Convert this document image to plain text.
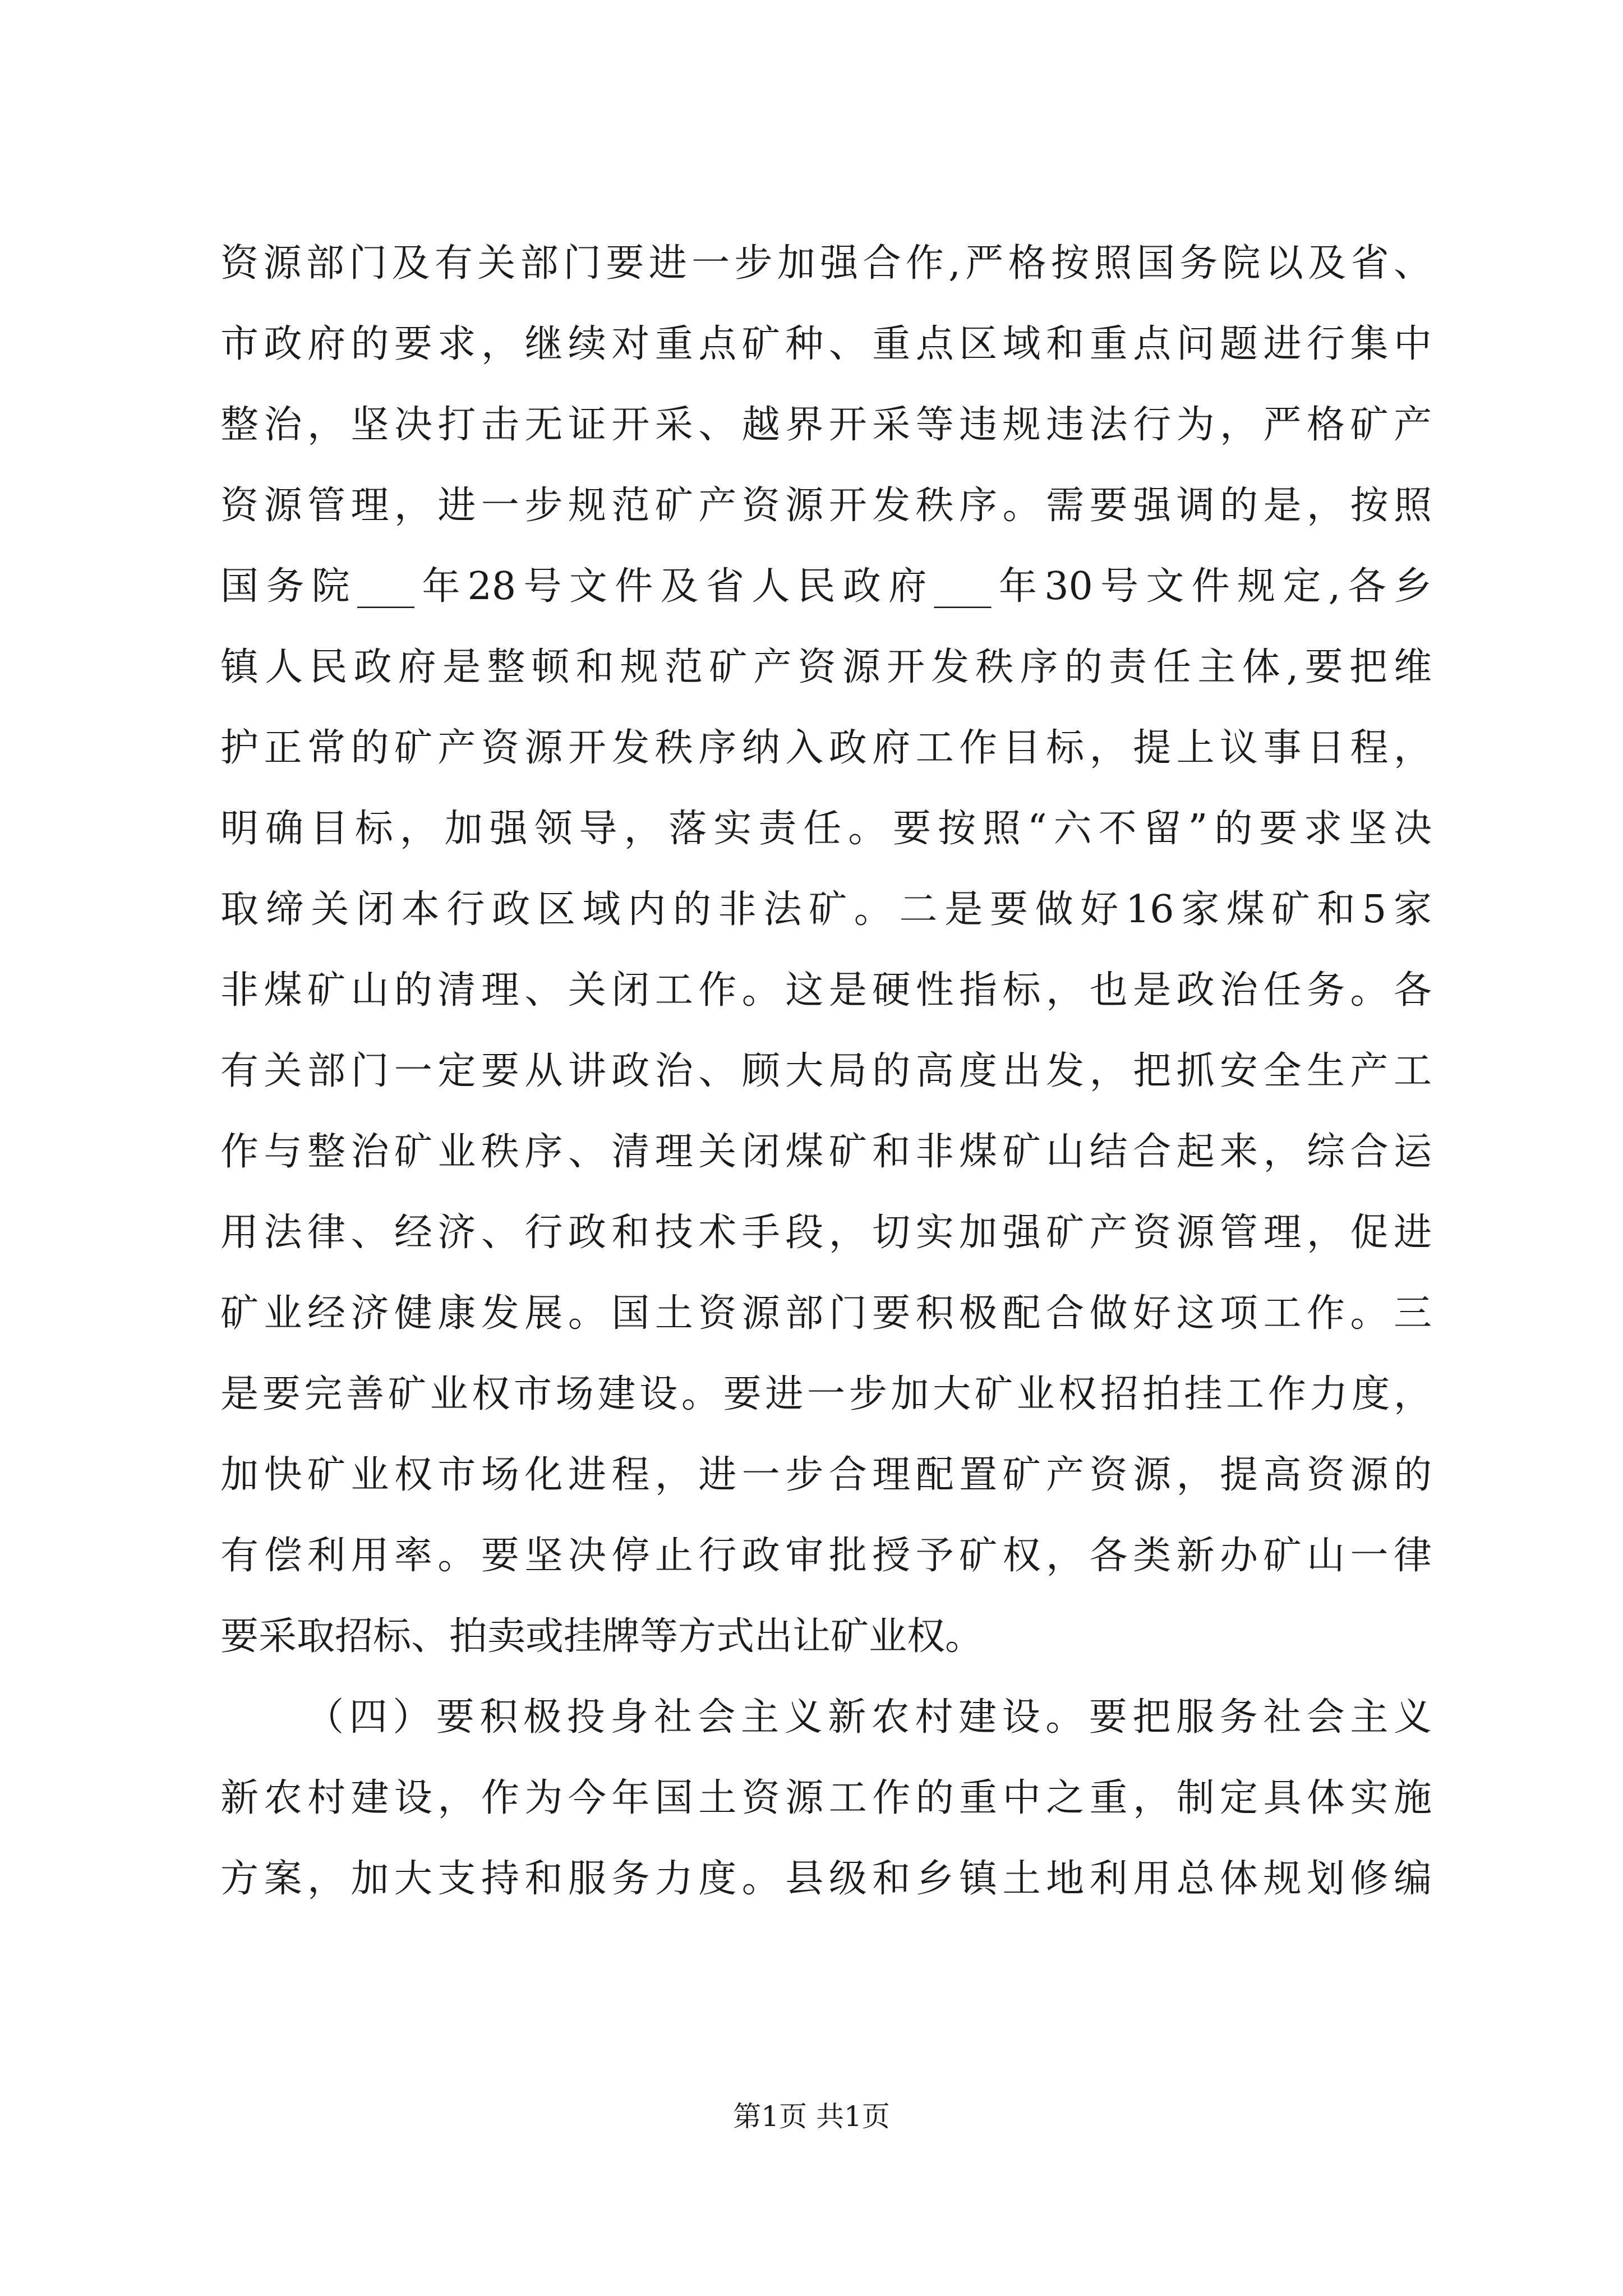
资源部门及有关部门要进一步加强合作,严格按照国务院以及省、
市政府的要求，继续对重点矿种、重点区域和重点问题进行集中
整治，坚决打击无证开采、越界开采等违规违法行为，严格矿产
资源管理，进一步规范矿产资源开发秩序。需要强调的是，按照
国务院___年28号文件及省人民政府___年30号文件规定,各乡
镇人民政府是整顿和规范矿产资源开发秩序的责任主体,要把维
护正常的矿产资源开发秩序纳入政府工作目标，提上议事日程，
明确目标，加强领导，落实责任。要按照“六不留”的要求坚决
取缔关闭本行政区域内的非法矿。二是要做好16家煤矿和5家
非煤矿山的清理、关闭工作。这是硬性指标，也是政治任务。各
有关部门一定要从讲政治、顾大局的高度出发，把抓安全生产工
作与整治矿业秩序、清理关闭煤矿和非煤矿山结合起来，综合运
用法律、经济、行政和技术手段，切实加强矿产资源管理，促进
矿业经济健康发展。国土资源部门要积极配合做好这项工作。三
是要完善矿业权市场建设。要进一步加大矿业权招拍挂工作力度，
加快矿业权市场化进程，进一步合理配置矿产资源，提高资源的
有偿利用率。要坚决停止行政审批授予矿权，各类新办矿山一律
要采取招标、拍卖或挂牌等方式出让矿业权。
（四）要积极投身社会主义新农村建设。要把服务社会主义
新农村建设，作为今年国土资源工作的重中之重，制定具体实施
方案，加大支持和服务力度。县级和乡镇土地利用总体规划修编
第1页 共1页
